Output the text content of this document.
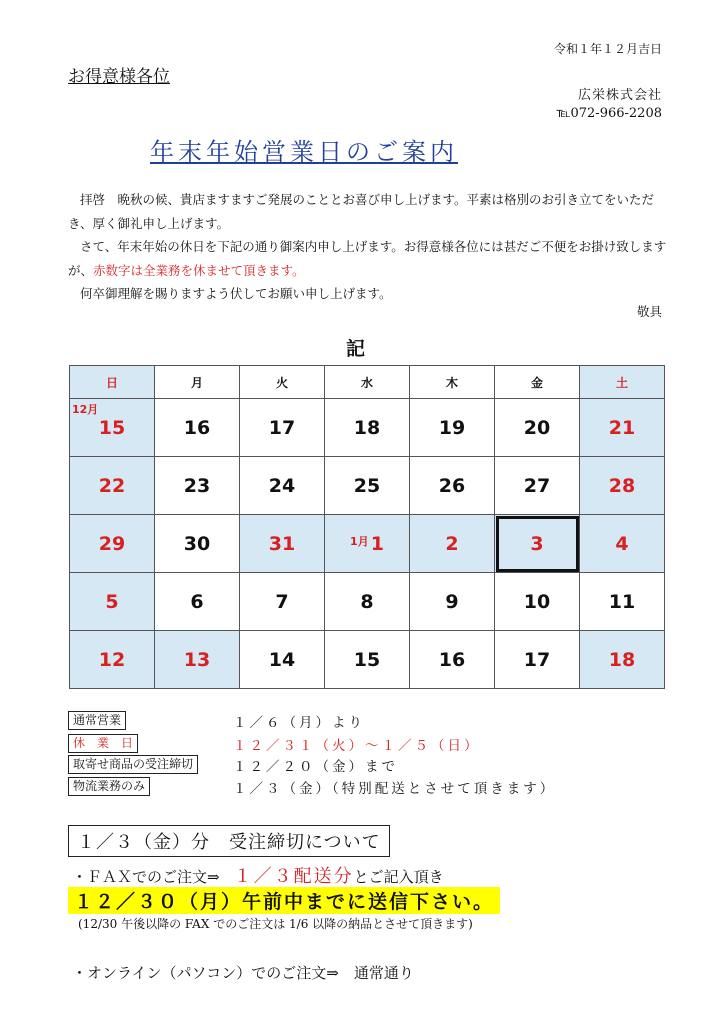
令和１年１２月吉日
お得意様各位
広栄株式会社
℡072-966-2208
年末年始営業日のご案内

拝啓　晩秋の候、貴店ますますご発展のこととお喜び申し上げます。平素は格別のお引き立てをいただき、厚く御礼申し上げます。

さて、年末年始の休日を下記の通り御案内申し上げます。お得意様各位には甚だご不便をお掛け致しますが、赤数字は全業務を休ませて頂きます。

何卒御理解を賜りますよう伏してお願い申し上げます。

敬具
記
日	月	火	水	木	金	土

12月
15	16	17	18	19	20	21
22	23	24	25	26	27	28
29	30	31	$^{1月}$ 1	2	3	4
5	6	7	8	9	10	11
12	13	14	15	16	17	18
通常営業	１／６（月）より
休　業　日	１２／３１（火）～１／５（日）
取寄せ商品の受注締切	１２／２０（金）まで
物流業務のみ	１／３（金）（特別配送とさせて頂きます）
１／３（金）分　受注締切について
・ＦＡＸでのご注文⇒ １／３配送分とご記入頂き
１２／３０（月）午前中までに送信下さい。
(12/30 午後以降の FAX でのご注文は 1/6 以降の納品とさせて頂きます)
・オンライン（パソコン）でのご注文⇒　通常通り
